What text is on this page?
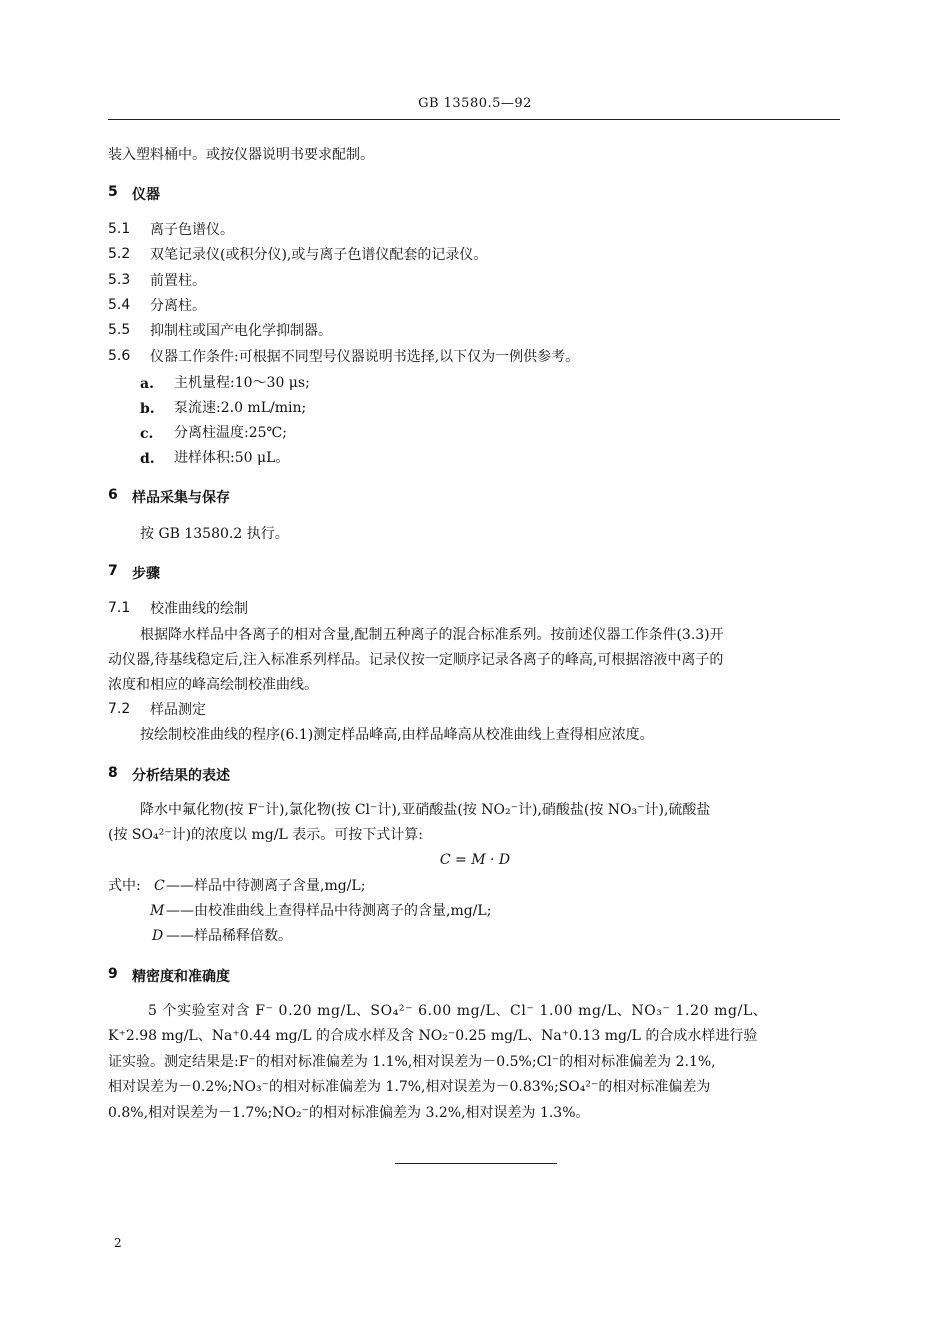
GB 13580.5—92
装入塑料桶中。或按仪器说明书要求配制。
5 仪器
5.1 离子色谱仪。
5.2 双笔记录仪(或积分仪),或与离子色谱仪配套的记录仪。
5.3 前置柱。
5.4 分离柱。
5.5 抑制柱或国产电化学抑制器。
5.6 仪器工作条件:可根据不同型号仪器说明书选择,以下仅为一例供参考。
a. 主机量程:10～30 μs;
b. 泵流速:2.0 mL/min;
c. 分离柱温度:25℃;
d. 进样体积:50 μL。
6 样品采集与保存
按 GB 13580.2 执行。
7 步骤
7.1 校准曲线的绘制
根据降水样品中各离子的相对含量,配制五种离子的混合标准系列。按前述仪器工作条件(3.3)开
动仪器,待基线稳定后,注入标准系列样品。记录仪按一定顺序记录各离子的峰高,可根据溶液中离子的
浓度和相应的峰高绘制校准曲线。
7.2 样品测定
按绘制校准曲线的程序(6.1)测定样品峰高,由样品峰高从校准曲线上查得相应浓度。
8 分析结果的表述
降水中氟化物(按 F⁻计),氯化物(按 Cl⁻计),亚硝酸盐(按 NO₂⁻计),硝酸盐(按 NO₃⁻计),硫酸盐
(按 SO₄²⁻计)的浓度以 mg/L 表示。可按下式计算:
C = M · D
式中: C ——样品中待测离子含量,mg/L;
M ——由校准曲线上查得样品中待测离子的含量,mg/L;
D ——样品稀释倍数。
9 精密度和准确度
5 个实验室对含 F⁻ 0.20 mg/L、SO₄²⁻ 6.00 mg/L、Cl⁻ 1.00 mg/L、NO₃⁻ 1.20 mg/L、
K⁺2.98 mg/L、Na⁺0.44 mg/L 的合成水样及含 NO₂⁻0.25 mg/L、Na⁺0.13 mg/L 的合成水样进行验
证实验。测定结果是:F⁻的相对标准偏差为 1.1%,相对误差为－0.5%;Cl⁻的相对标准偏差为 2.1%,
相对误差为－0.2%;NO₃⁻的相对标准偏差为 1.7%,相对误差为－0.83%;SO₄²⁻的相对标准偏差为
0.8%,相对误差为－1.7%;NO₂⁻的相对标准偏差为 3.2%,相对误差为 1.3%。
2
